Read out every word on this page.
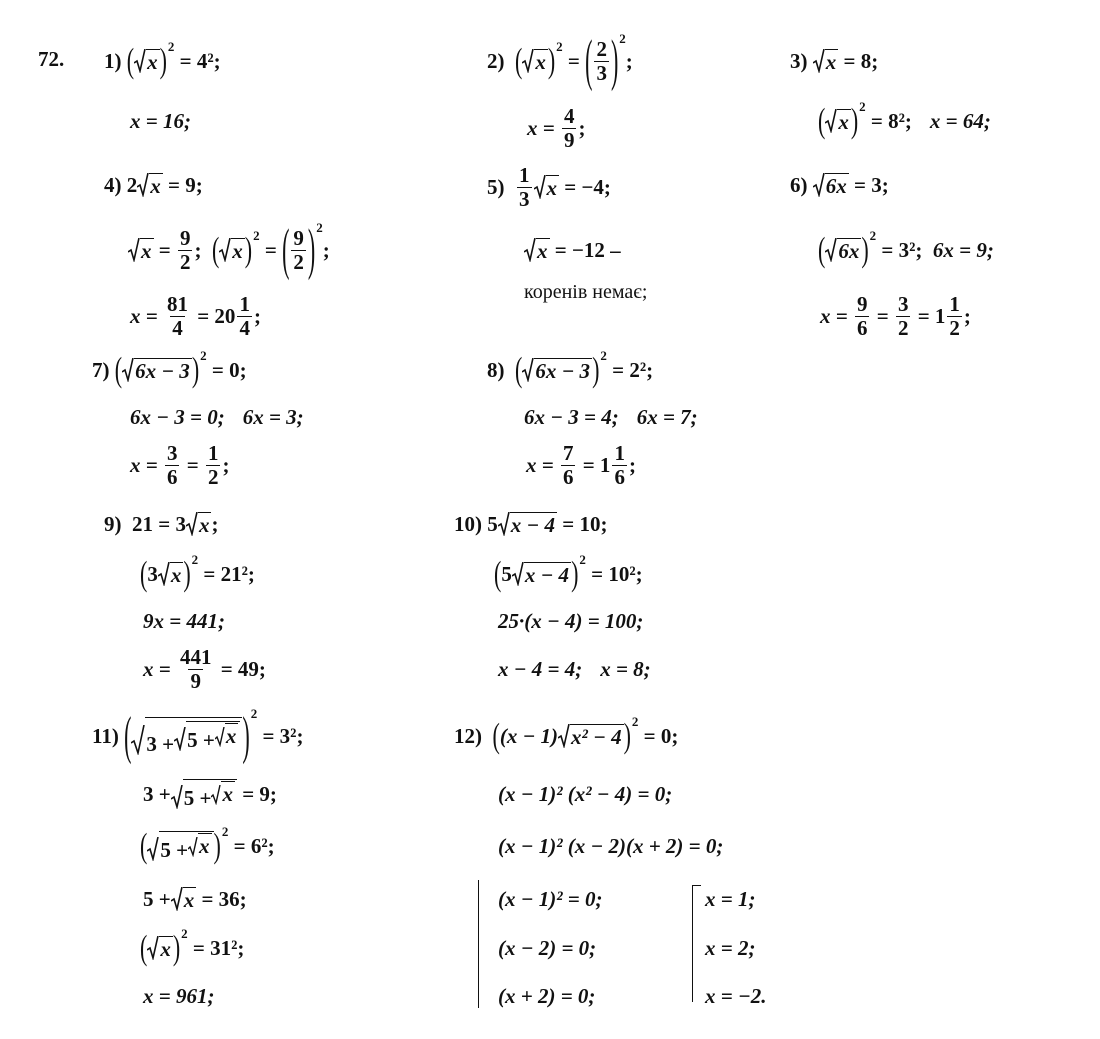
72. 1)
( x ) 2

= 4²;
x = 16;
2)
( x ) 2
= ( $\frac{2}{3}$ ) 2
;
x =
$\frac{4}{9}$ ;
3)
x
= 8;
( x ) 2

= 8²; x = 64;
4)
2 x
= 9;
$x = \frac{9}{2}$ ; ( x ) 2
= ( $\frac{9}{2}$ ) 2
;
x =
$\frac{81}{4}$
= $20 \frac{1}{4}$ ;
5)
$\frac{1}{3}$ x
= −4;
x
= −12 –
коренів немає;
6)
6x
= 3;
( 6x ) 2

= 3²;
6x = 9;
x =
$\frac{9}{6} = \frac{3}{2}$
= $1 \frac{1}{2}$ ;
7)
( 6x − 3 ) 2

= 0;
6x − 3 = 0; 6x = 3;
x =
$\frac{3}{6} = \frac{1}{2}$ ;
8)
( 6x − 3 ) 2

= 2²;
6x − 3 = 4; 6x = 7;
x =
$\frac{7}{6}$
= $1 \frac{1}{6}$ ;
9)
21 = 3 x ;
( 3 x ) 2

= 21²;
9x = 441;
x =
$\frac{441}{9}$
= 49;
10)
5 x − 4
= 10;
( 5 x − 4 ) 2

= 10²;
25·(x − 4) = 100;
x − 4 = 4; x = 8;
11)
( 3 + 5 + x ) 2

= 3²;
3 + 5 + x
= 9;
( 5 + x ) 2

= 6²;
5 + x
= 36;
( x ) 2

= 31²;
x = 961;
12)
( (x − 1) x² − 4 ) 2
= 0;
(x − 1)² (x² − 4) = 0;
(x − 1)² (x − 2)(x + 2) = 0;
(x − 1)² = 0;
(x − 2) = 0;
(x + 2) = 0;
x = 1;
x = 2;
x = −2.
